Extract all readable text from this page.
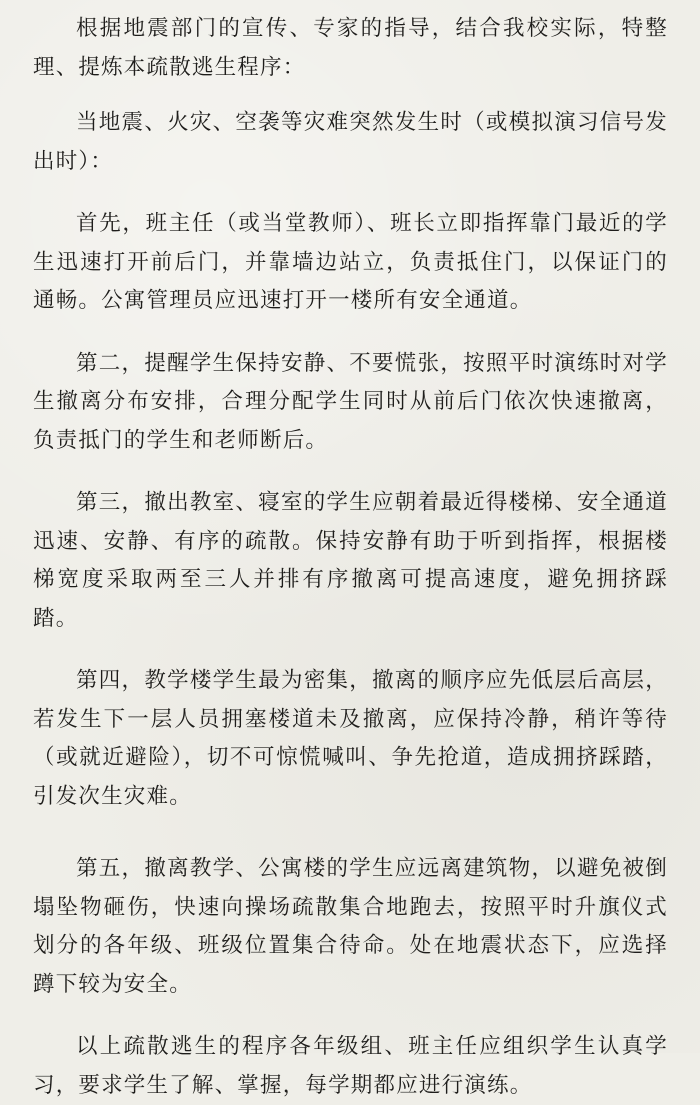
根据地震部门的宣传、专家的指导，结合我校实际，特整理、提炼本疏散逃生程序：

当地震、火灾、空袭等灾难突然发生时（或模拟演习信号发出时）：

首先，班主任（或当堂教师）、班长立即指挥靠门最近的学生迅速打开前后门，并靠墙边站立，负责抵住门，以保证门的通畅。公寓管理员应迅速打开一楼所有安全通道。

第二，提醒学生保持安静、不要慌张，按照平时演练时对学生撤离分布安排，合理分配学生同时从前后门依次快速撤离，负责抵门的学生和老师断后。

第三，撤出教室、寝室的学生应朝着最近得楼梯、安全通道迅速、安静、有序的疏散。保持安静有助于听到指挥，根据楼梯宽度采取两至三人并排有序撤离可提高速度，避免拥挤踩踏。

第四，教学楼学生最为密集，撤离的顺序应先低层后高层，若发生下一层人员拥塞楼道未及撤离，应保持冷静，稍许等待（或就近避险），切不可惊慌喊叫、争先抢道，造成拥挤踩踏，引发次生灾难。

第五，撤离教学、公寓楼的学生应远离建筑物，以避免被倒塌坠物砸伤，快速向操场疏散集合地跑去，按照平时升旗仪式划分的各年级、班级位置集合待命。处在地震状态下，应选择蹲下较为安全。

以上疏散逃生的程序各年级组、班主任应组织学生认真学习，要求学生了解、掌握，每学期都应进行演练。
